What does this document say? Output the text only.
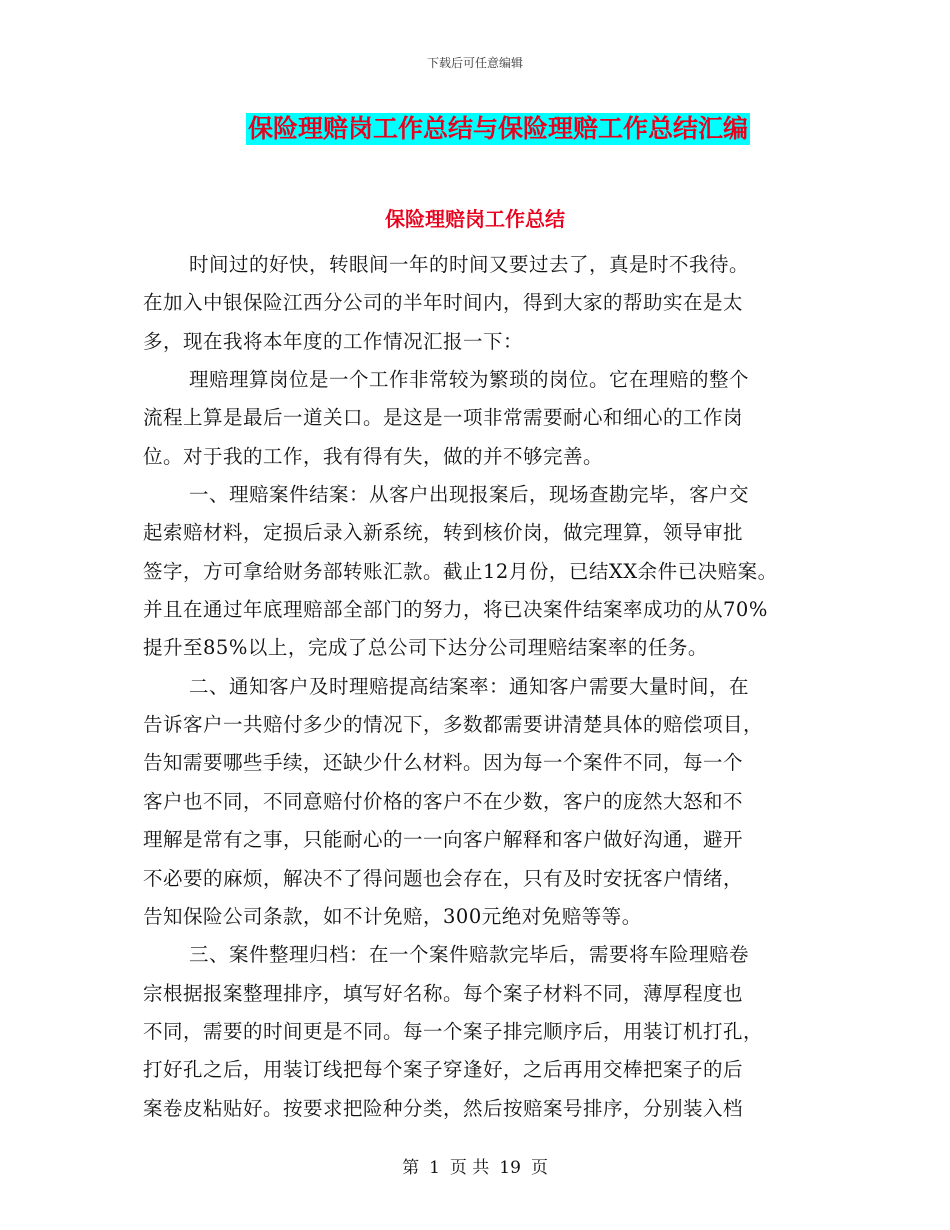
下载后可任意编辑
保险理赔岗工作总结与保险理赔工作总结汇编
保险理赔岗工作总结
时间过的好快，转眼间一年的时间又要过去了，真是时不我待。
在加入中银保险江西分公司的半年时间内，得到大家的帮助实在是太
多，现在我将本年度的工作情况汇报一下：
理赔理算岗位是一个工作非常较为繁琐的岗位。它在理赔的整个
流程上算是最后一道关口。是这是一项非常需要耐心和细心的工作岗
位。对于我的工作，我有得有失，做的并不够完善。
一、理赔案件结案：从客户出现报案后，现场查勘完毕，客户交
起索赔材料，定损后录入新系统，转到核价岗，做完理算，领导审批
签字，方可拿给财务部转账汇款。截止12月份，已结XX余件已决赔案。
并且在通过年底理赔部全部门的努力，将已决案件结案率成功的从70%
提升至85%以上，完成了总公司下达分公司理赔结案率的任务。
二、通知客户及时理赔提高结案率：通知客户需要大量时间，在
告诉客户一共赔付多少的情况下，多数都需要讲清楚具体的赔偿项目，
告知需要哪些手续，还缺少什么材料。因为每一个案件不同，每一个
客户也不同，不同意赔付价格的客户不在少数，客户的庞然大怒和不
理解是常有之事，只能耐心的一一向客户解释和客户做好沟通，避开
不必要的麻烦，解决不了得问题也会存在，只有及时安抚客户情绪，
告知保险公司条款，如不计免赔，300元绝对免赔等等。
三、案件整理归档：在一个案件赔款完毕后，需要将车险理赔卷
宗根据报案整理排序，填写好名称。每个案子材料不同，薄厚程度也
不同，需要的时间更是不同。每一个案子排完顺序后，用装订机打孔，
打好孔之后，用装订线把每个案子穿逢好，之后再用交棒把案子的后
案卷皮粘贴好。按要求把险种分类，然后按赔案号排序，分别装入档
第 1 页 共 19 页
